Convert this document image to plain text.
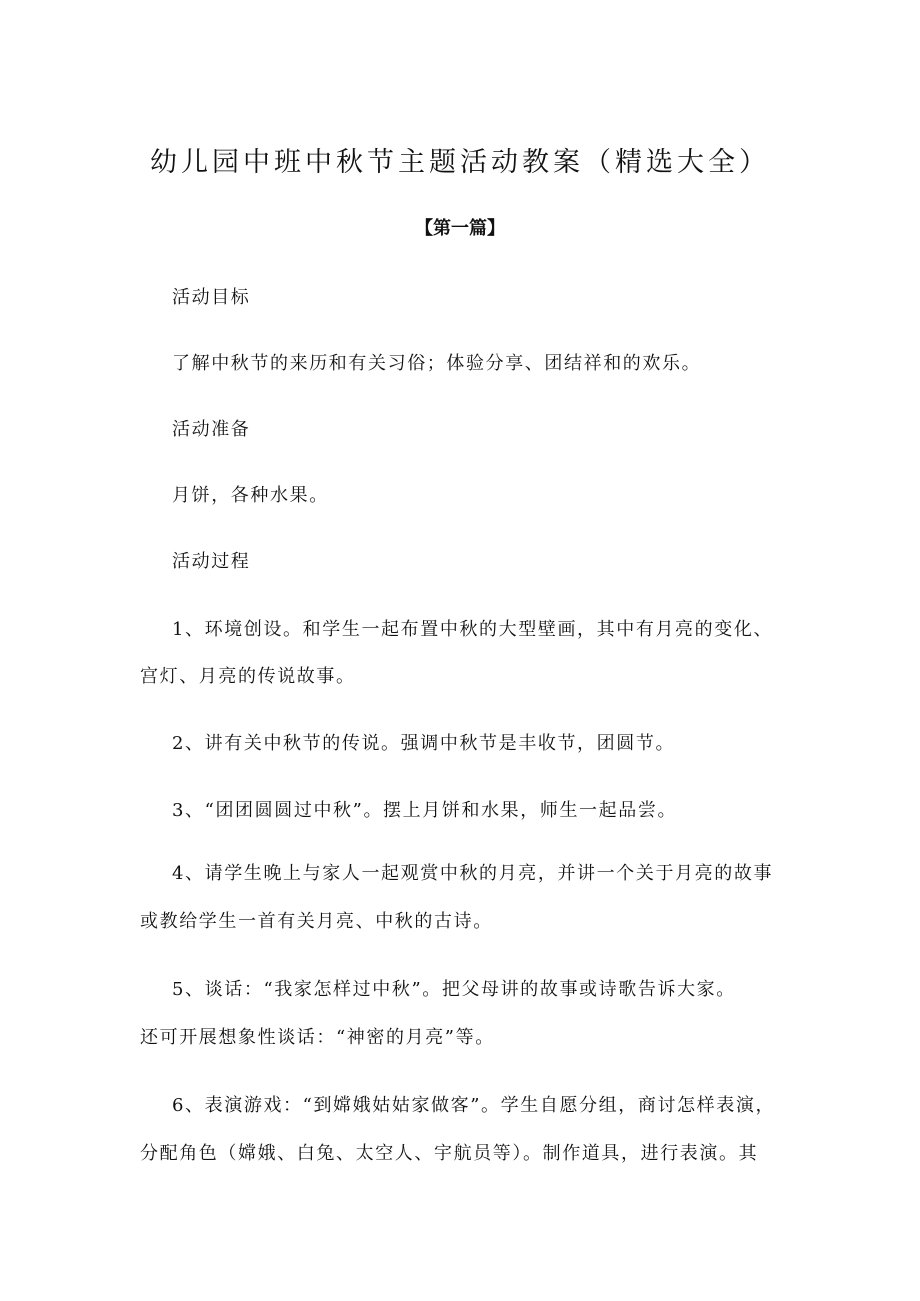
幼儿园中班中秋节主题活动教案（精选大全）
【第一篇】
活动目标
了解中秋节的来历和有关习俗；体验分享、团结祥和的欢乐。
活动准备
月饼，各种水果。
活动过程
1、环境创设。和学生一起布置中秋的大型壁画，其中有月亮的变化、
宫灯、月亮的传说故事。
2、讲有关中秋节的传说。强调中秋节是丰收节，团圆节。
3、“团团圆圆过中秋”。摆上月饼和水果，师生一起品尝。
4、请学生晚上与家人一起观赏中秋的月亮，并讲一个关于月亮的故事
或教给学生一首有关月亮、中秋的古诗。
5、谈话：“我家怎样过中秋”。把父母讲的故事或诗歌告诉大家。
还可开展想象性谈话：“神密的月亮”等。
6、表演游戏：“到嫦娥姑姑家做客”。学生自愿分组，商讨怎样表演，
分配角色（嫦娥、白兔、太空人、宇航员等）。制作道具，进行表演。其
